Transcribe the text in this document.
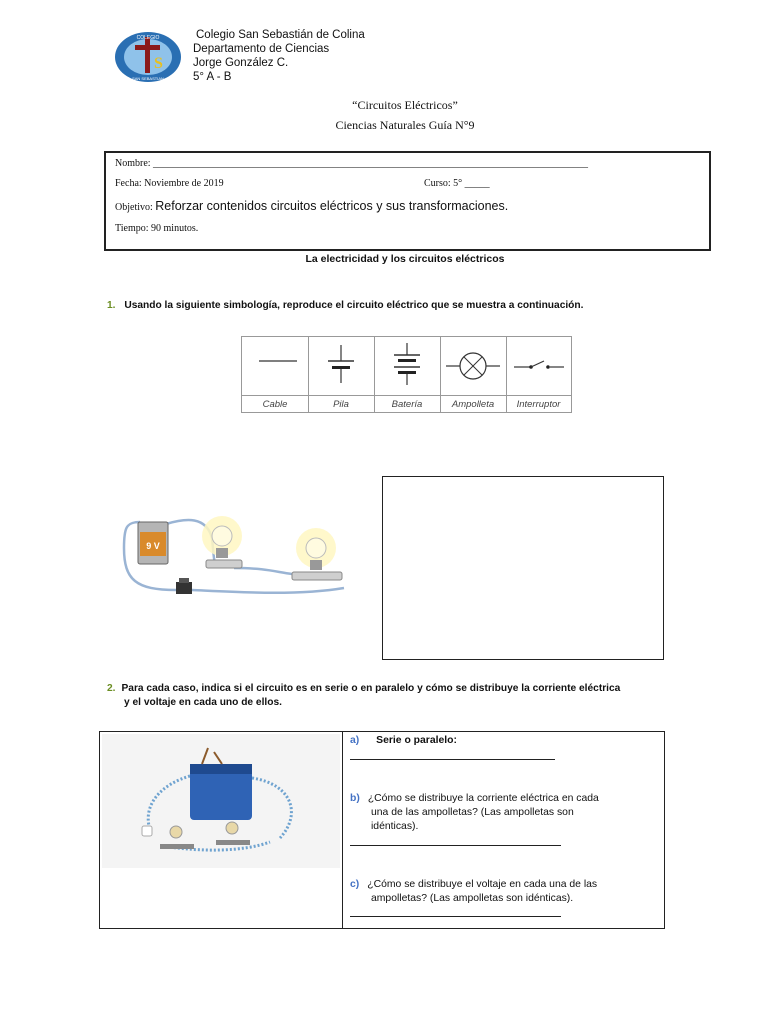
S
COLEGIO
SAN SEBASTIAN
Colegio San Sebastián de Colina
Departamento de Ciencias
Jorge González C.
5° A - B
“Circuitos Eléctricos”
Ciencias Naturales Guía N°9
Nombre: _______________________________________________________________________________________
Fecha: Noviembre de 2019	Curso: 5° _____
Objetivo: Reforzar contenidos circuitos eléctricos y sus transformaciones.
Tiempo: 90 minutos.
La electricidad y los circuitos eléctricos
1. Usando la siguiente simbología, reproduce el circuito eléctrico que se muestra a continuación.
Cable	Pila	Batería	Ampolleta	Interruptor
9 V
2. Para cada caso, indica si el circuito es en serie o en paralelo y cómo se distribuye la corriente eléctrica
y el voltaje en cada uno de ellos.
a) Serie o paralelo:
b) ¿Cómo se distribuye la corriente eléctrica en cada
una de las ampolletas? (Las ampolletas son
idénticas).
c) ¿Cómo se distribuye el voltaje en cada una de las
ampolletas? (Las ampolletas son idénticas).
